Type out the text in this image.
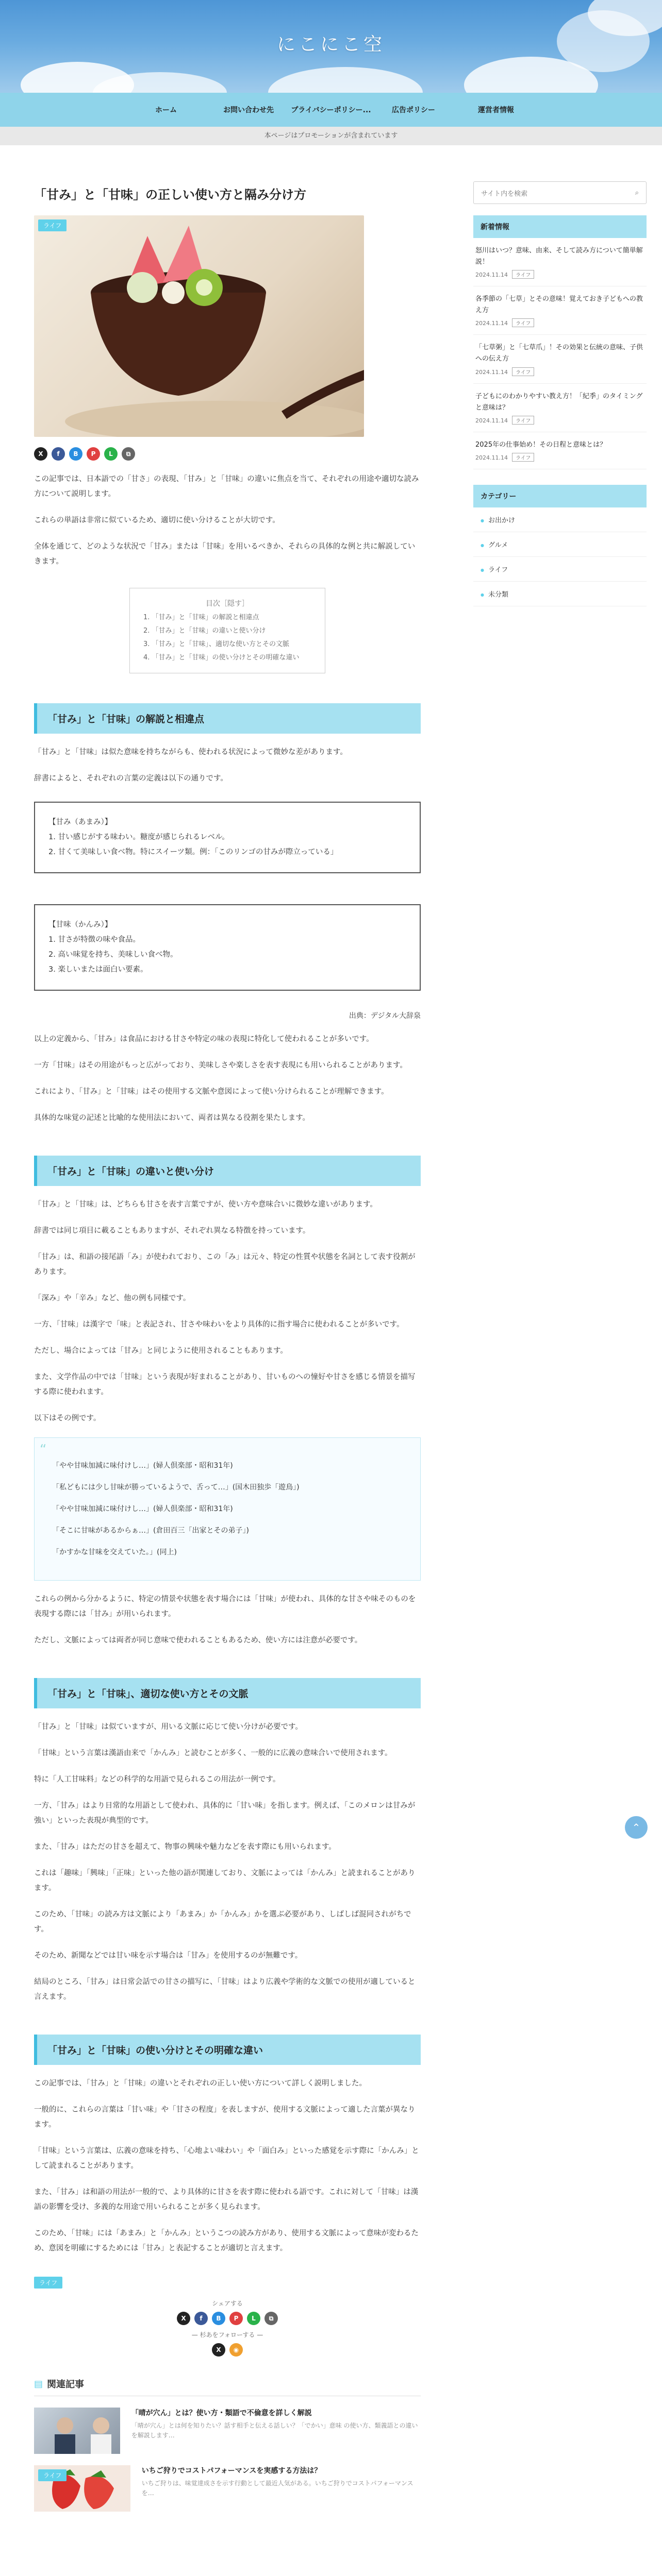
にこにこ空
ホーム	お問い合わせ先	プライバシーポリシー...	広告ポリシー	運営者情報
本ページはプロモーションが含まれています
「甘み」と「甘味」の正しい使い方と隔み分け方
ライフ
X	f	B	P	L	⧉

この記事では、日本語での「甘さ」の表現、「甘み」と「甘味」の違いに焦点を当て、それぞれの用途や適切な読み方について説明します。

これらの単語は非常に似ているため、適切に使い分けることが大切です。

全体を通じて、どのような状況で「甘み」または「甘味」を用いるべきか、それらの具体的な例と共に解説していきます。

目次［隠す］
1. 「甘み」と「甘味」の解説と相違点
2. 「甘み」と「甘味」の違いと使い分け
3. 「甘み」と「甘味」、適切な使い方とその文脈
4. 「甘み」と「甘味」の使い分けとその明確な違い
「甘み」と「甘味」の解説と相違点

「甘み」と「甘味」は似た意味を持ちながらも、使われる状況によって微妙な差があります。

辞書によると、それぞれの言葉の定義は以下の通りです。

【甘み（あまみ）】
1. 甘い感じがする味わい。糖度が感じられるレベル。
2. 甘くて美味しい食べ物。特にスイーツ類。例：「このリンゴの甘みが際立っている」
【甘味（かんみ）】
1. 甘さが特徴の味や食品。
2. 高い味覚を持ち、美味しい食べ物。
3. 楽しいまたは面白い要素。
出典：デジタル大辞泉

以上の定義から、「甘み」は食品における甘さや特定の味の表現に特化して使われることが多いです。

一方「甘味」はその用途がもっと広がっており、美味しさや楽しさを表す表現にも用いられることがあります。

これにより、「甘み」と「甘味」はその使用する文脈や意図によって使い分けられることが理解できます。

具体的な味覚の記述と比喩的な使用法において、両者は異なる役割を果たします。

「甘み」と「甘味」の違いと使い分け

「甘み」と「甘味」は、どちらも甘さを表す言葉ですが、使い方や意味合いに微妙な違いがあります。

辞書では同じ項目に載ることもありますが、それぞれ異なる特徴を持っています。

「甘み」は、和語の接尾語「み」が使われており、この「み」は元々、特定の性質や状態を名詞として表す役割があります。

「深み」や「辛み」など、他の例も同様です。

一方、「甘味」は漢字で「味」と表記され、甘さや味わいをより具体的に指す場合に使われることが多いです。

ただし、場合によっては「甘み」と同じように使用されることもあります。

また、文学作品の中では「甘味」という表現が好まれることがあり、甘いものへの憧好や甘さを感じる情景を描写する際に使われます。

以下はその例です。

“

「やや甘味加減に味付けし…」(婦人倶楽部・昭和31年)

「私どもには少し甘味が勝っているようで、舌って…」(国木田独歩「遊鳥」)

「やや甘味加減に味付けし…」(婦人倶楽部・昭和31年)

「そこに甘味があるからぁ…」(倉田百三「出家とその弟子」)

「かすかな甘味を交えていた。」(同上)

これらの例から分かるように、特定の情景や状態を表す場合には「甘味」が使われ、具体的な甘さや味そのものを表現する際には「甘み」が用いられます。

ただし、文脈によっては両者が同じ意味で使われることもあるため、使い方には注意が必要です。

「甘み」と「甘味」、適切な使い方とその文脈

「甘み」と「甘味」は似ていますが、用いる文脈に応じて使い分けが必要です。

「甘味」という言葉は漢語由来で「かんみ」と読むことが多く、一般的に広義の意味合いで使用されます。

特に「人工甘味料」などの科学的な用語で見られるこの用法が一例です。

一方、「甘み」はより日常的な用語として使われ、具体的に「甘い味」を指します。例えば、「このメロンは甘みが強い」といった表現が典型的です。

また、「甘み」はただの甘さを超えて、物事の興味や魅力などを表す際にも用いられます。

これは「趣味」「興味」「正味」といった他の語が関連しており、文脈によっては「かんみ」と読まれることがあります。

このため、「甘味」の読み方は文脈により「あまみ」か「かんみ」かを選ぶ必要があり、しばしば混同されがちです。

そのため、新聞などでは甘い味を示す場合は「甘み」を使用するのが無難です。

結局のところ、「甘み」は日常会話での甘さの描写に、「甘味」はより広義や学術的な文脈での使用が適していると言えます。

「甘み」と「甘味」の使い分けとその明確な違い

この記事では、「甘み」と「甘味」の違いとそれぞれの正しい使い方について詳しく説明しました。

一般的に、これらの言葉は「甘い味」や「甘さの程度」を表しますが、使用する文脈によって適した言葉が異なります。

「甘味」という言葉は、広義の意味を持ち、「心地よい味わい」や「面白み」といった感覚を示す際に「かんみ」として読まれることがあります。

また、「甘み」は和語の用法が一般的で、より具体的に甘さを表す際に使われる語です。これに対して「甘味」は漢語の影響を受け、多義的な用途で用いられることが多く見られます。

このため、「甘味」には「あまみ」と「かんみ」というこつの読み方があり、使用する文脈によって意味が変わるため、意図を明確にするためには「甘み」と表記することが適切と言えます。

ライフ
シェアする
X	f	B	P	L	⧉
— 杉あをフォローする —
X	◉
▤ 関連記事
「晴が穴ん」とは？使い方・類語で不倫意を詳しく解説
「晴が穴ん」とは何を知りたい？話す相手と伝える話しい？「でかい」意味 の使い方、類義語との違いを解説します…
ライフ
いちご狩りでコストパフォーマンスを実感する方法は？
いちご狩りは、味覚達成さを示す行動として最近人気がある。いちご狩りでコストパフォーマンスを…
サイト内を検索	⌕
新着情報
怒川はいつ？意味、由来、そして読み方について簡単解説！
2024.11.14 ライフ
各季節の「七草」とその意味！覚えておき子どもへの教え方
2024.11.14 ライフ
「七草粥」と「七草爪」！その効果と伝統の意味、子供への伝え方
2024.11.14 ライフ
子どもにのわかりやすい教え方！「紀季」のタイミングと意味は？
2024.11.14 ライフ
2025年の仕事始め！その日程と意味とは？
2024.11.14 ライフ
カテゴリー
● お出かけ
● グルメ
● ライフ
● 未分類
⌃
